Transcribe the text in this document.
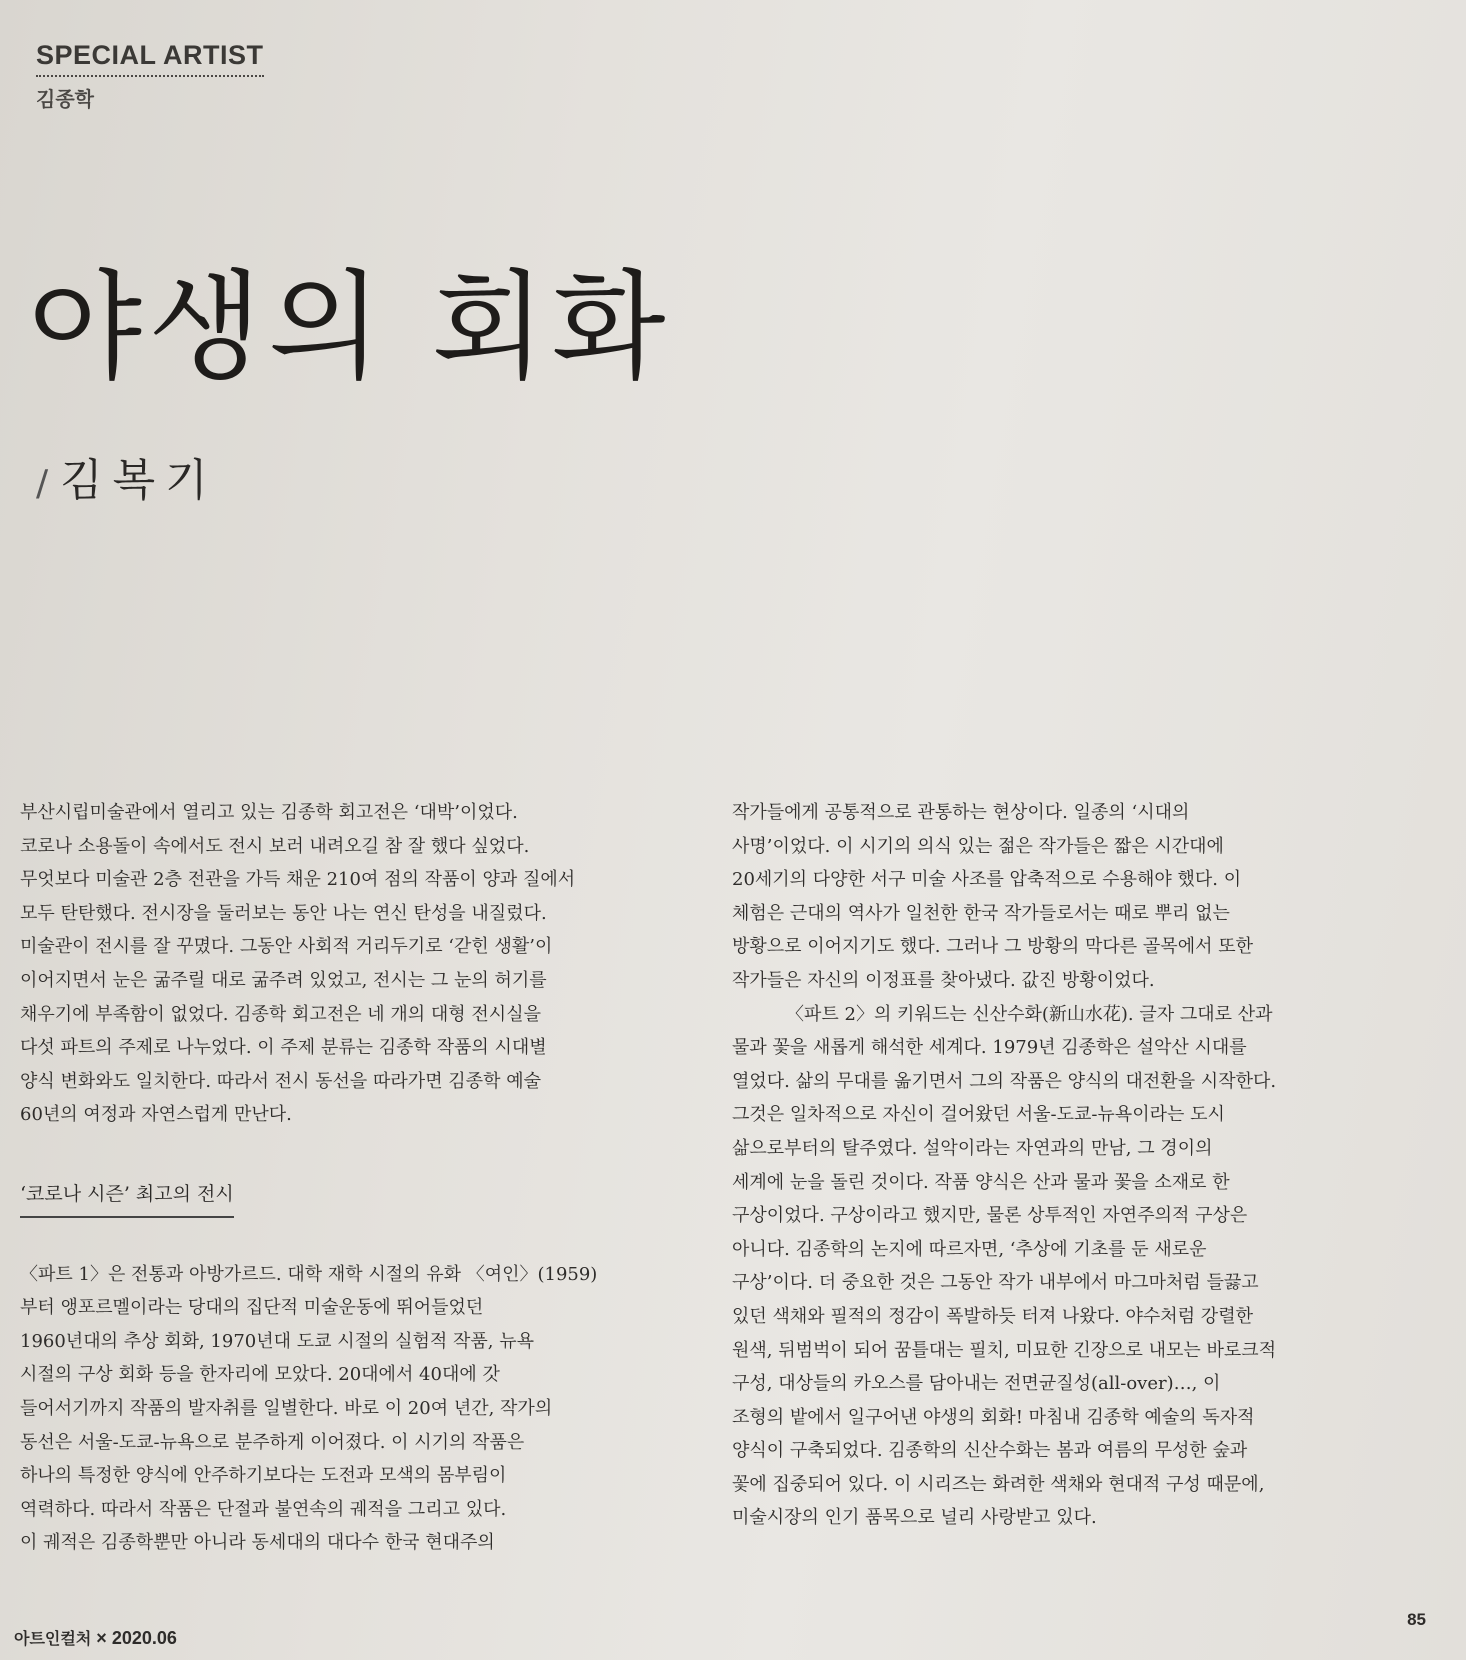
SPECIAL ARTIST
김종학
야생의 회화
/김복기

부산시립미술관에서 열리고 있는 김종학 회고전은 ‘대박’이었다.
코로나 소용돌이 속에서도 전시 보러 내려오길 참 잘 했다 싶었다.
무엇보다 미술관 2층 전관을 가득 채운 210여 점의 작품이 양과 질에서
모두 탄탄했다. 전시장을 둘러보는 동안 나는 연신 탄성을 내질렀다.
미술관이 전시를 잘 꾸몄다. 그동안 사회적 거리두기로 ‘갇힌 생활’이
이어지면서 눈은 굶주릴 대로 굶주려 있었고, 전시는 그 눈의 허기를
채우기에 부족함이 없었다. 김종학 회고전은 네 개의 대형 전시실을
다섯 파트의 주제로 나누었다. 이 주제 분류는 김종학 작품의 시대별
양식 변화와도 일치한다. 따라서 전시 동선을 따라가면 김종학 예술
60년의 여정과 자연스럽게 만난다.

‘코로나 시즌’ 최고의 전시

〈파트 1〉은 전통과 아방가르드. 대학 재학 시절의 유화 〈여인〉(1959)
부터 앵포르멜이라는 당대의 집단적 미술운동에 뛰어들었던
1960년대의 추상 회화, 1970년대 도쿄 시절의 실험적 작품, 뉴욕
시절의 구상 회화 등을 한자리에 모았다. 20대에서 40대에 갓
들어서기까지 작품의 발자취를 일별한다. 바로 이 20여 년간, 작가의
동선은 서울-도쿄-뉴욕으로 분주하게 이어졌다. 이 시기의 작품은
하나의 특정한 양식에 안주하기보다는 도전과 모색의 몸부림이
역력하다. 따라서 작품은 단절과 불연속의 궤적을 그리고 있다.
이 궤적은 김종학뿐만 아니라 동세대의 대다수 한국 현대주의

작가들에게 공통적으로 관통하는 현상이다. 일종의 ‘시대의
사명’이었다. 이 시기의 의식 있는 젊은 작가들은 짧은 시간대에
20세기의 다양한 서구 미술 사조를 압축적으로 수용해야 했다. 이
체험은 근대의 역사가 일천한 한국 작가들로서는 때로 뿌리 없는
방황으로 이어지기도 했다. 그러나 그 방황의 막다른 골목에서 또한
작가들은 자신의 이정표를 찾아냈다. 값진 방황이었다.

〈파트 2〉의 키워드는 신산수화(新山水花). 글자 그대로 산과
물과 꽃을 새롭게 해석한 세계다. 1979년 김종학은 설악산 시대를
열었다. 삶의 무대를 옮기면서 그의 작품은 양식의 대전환을 시작한다.
그것은 일차적으로 자신이 걸어왔던 서울-도쿄-뉴욕이라는 도시
삶으로부터의 탈주였다. 설악이라는 자연과의 만남, 그 경이의
세계에 눈을 돌린 것이다. 작품 양식은 산과 물과 꽃을 소재로 한
구상이었다. 구상이라고 했지만, 물론 상투적인 자연주의적 구상은
아니다. 김종학의 논지에 따르자면, ‘추상에 기초를 둔 새로운
구상’이다. 더 중요한 것은 그동안 작가 내부에서 마그마처럼 들끓고
있던 색채와 필적의 정감이 폭발하듯 터져 나왔다. 야수처럼 강렬한
원색, 뒤범벅이 되어 꿈틀대는 필치, 미묘한 긴장으로 내모는 바로크적
구성, 대상들의 카오스를 담아내는 전면균질성(all-over)…, 이
조형의 밭에서 일구어낸 야생의 회화! 마침내 김종학 예술의 독자적
양식이 구축되었다. 김종학의 신산수화는 봄과 여름의 무성한 숲과
꽃에 집중되어 있다. 이 시리즈는 화려한 색채와 현대적 구성 때문에,
미술시장의 인기 품목으로 널리 사랑받고 있다.

아트인컬처 × 2020.06
85
